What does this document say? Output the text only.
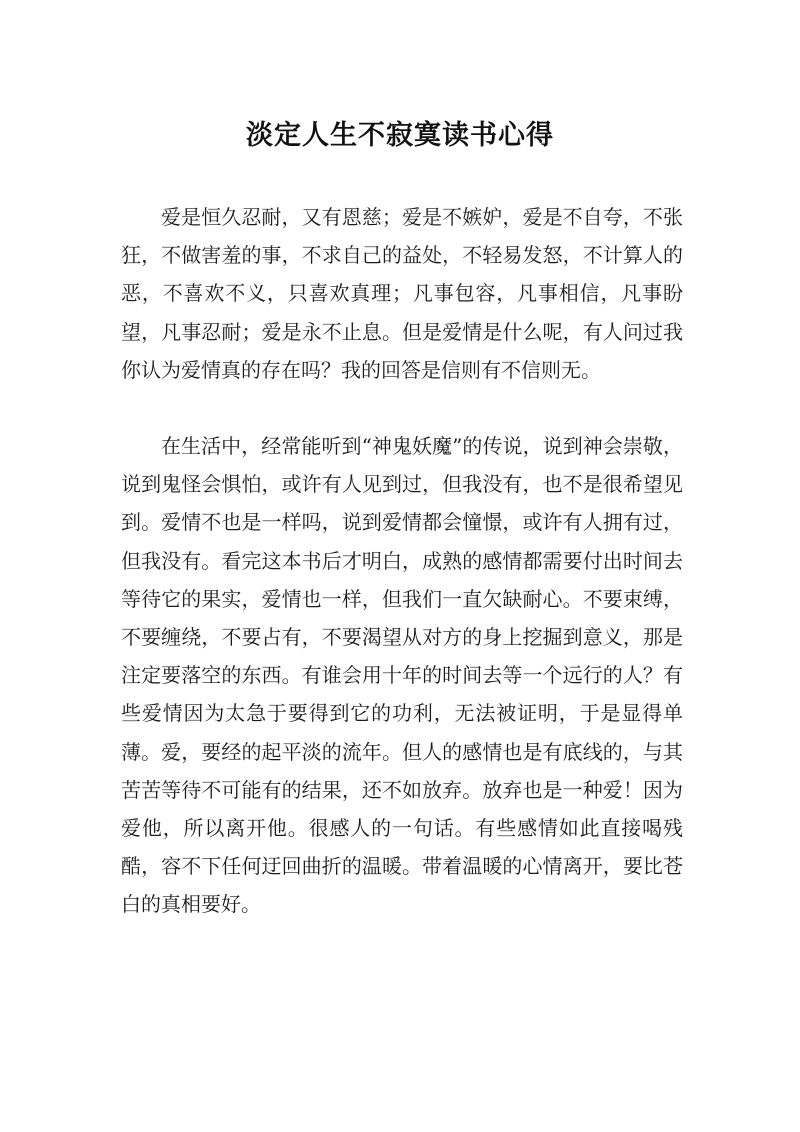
淡定人生不寂寞读书心得

爱是恒久忍耐，又有恩慈；爱是不嫉妒，爱是不自夸，不张狂，不做害羞的事，不求自己的益处，不轻易发怒，不计算人的恶，不喜欢不义，只喜欢真理；凡事包容，凡事相信，凡事盼望，凡事忍耐；爱是永不止息。但是爱情是什么呢，有人问过我你认为爱情真的存在吗？我的回答是信则有不信则无。

在生活中，经常能听到“神鬼妖魔”的传说，说到神会崇敬，说到鬼怪会惧怕，或许有人见到过，但我没有，也不是很希望见到。爱情不也是一样吗，说到爱情都会憧憬，或许有人拥有过，但我没有。看完这本书后才明白，成熟的感情都需要付出时间去等待它的果实，爱情也一样，但我们一直欠缺耐心。不要束缚，不要缠绕，不要占有，不要渴望从对方的身上挖掘到意义，那是注定要落空的东西。有谁会用十年的时间去等一个远行的人？有些爱情因为太急于要得到它的功利，无法被证明，于是显得单薄。爱，要经的起平淡的流年。但人的感情也是有底线的，与其苦苦等待不可能有的结果，还不如放弃。放弃也是一种爱！因为爱他，所以离开他。很感人的一句话。有些感情如此直接喝残酷，容不下任何迂回曲折的温暖。带着温暖的心情离开，要比苍白的真相要好。
